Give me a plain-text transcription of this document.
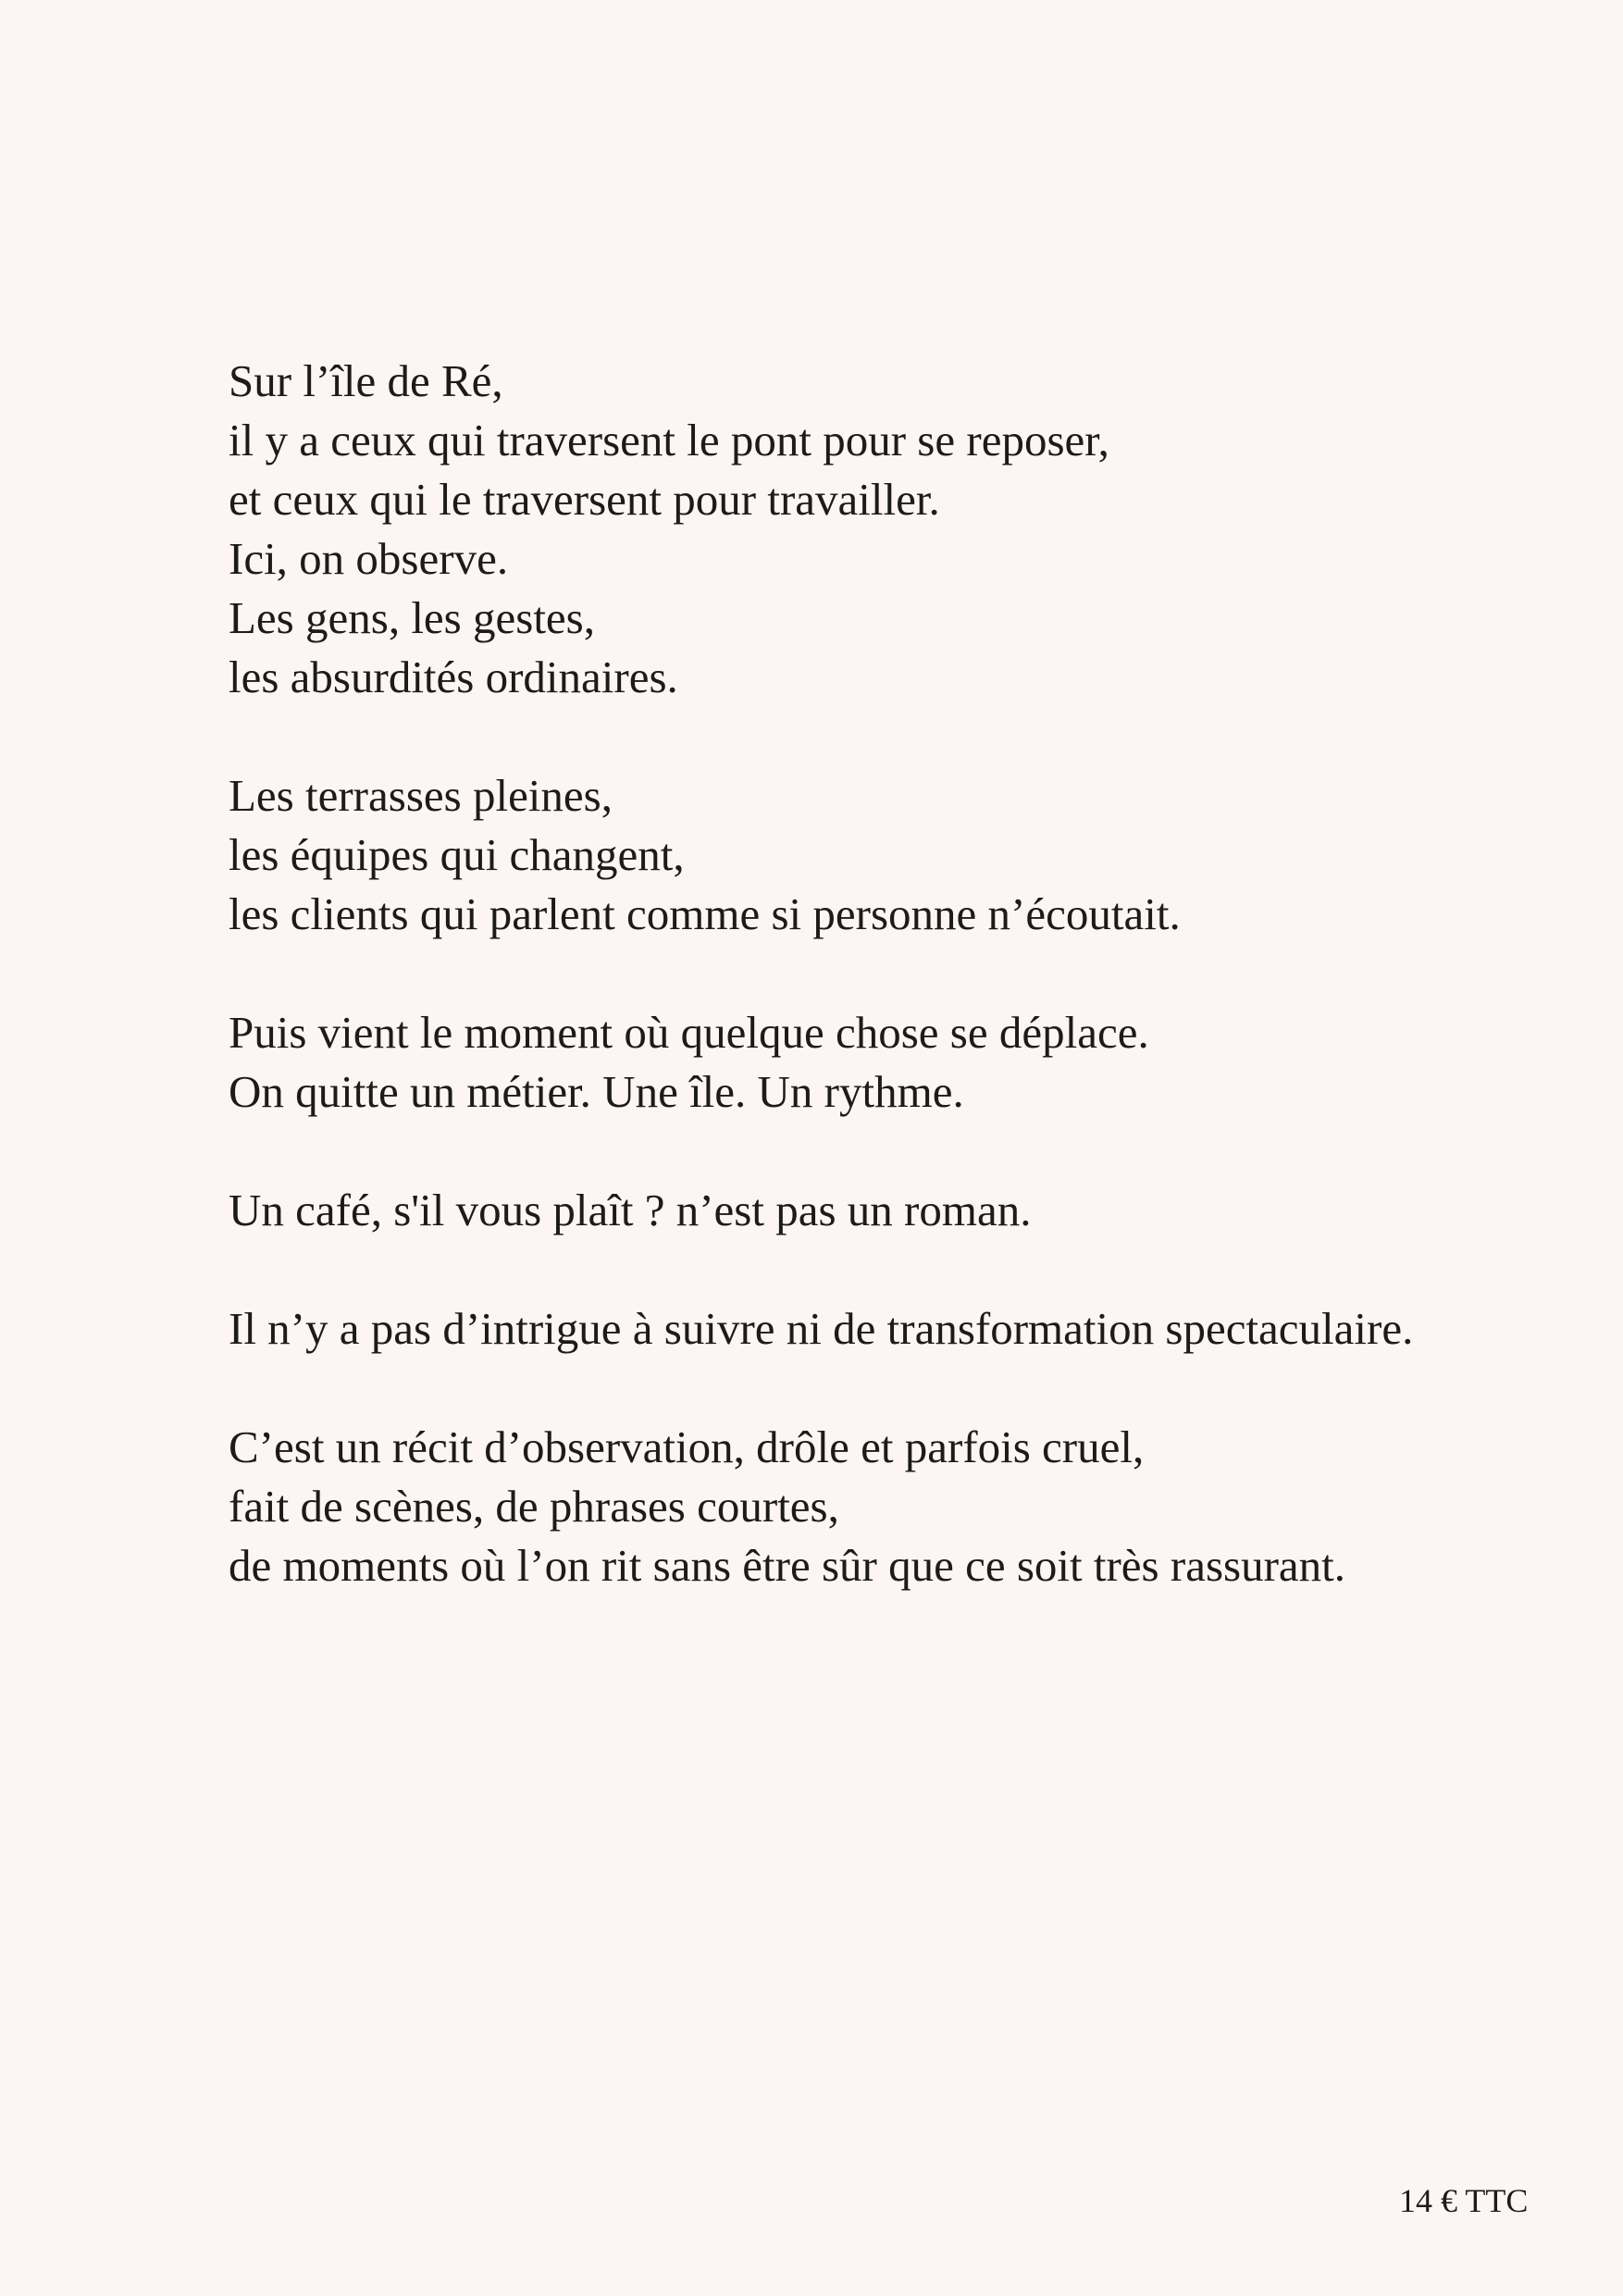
Sur l’île de Ré,
il y a ceux qui traversent le pont pour se reposer,
et ceux qui le traversent pour travailler.
Ici, on observe.
Les gens, les gestes,
les absurdités ordinaires.

Les terrasses pleines,
les équipes qui changent,
les clients qui parlent comme si personne n’écoutait.

Puis vient le moment où quelque chose se déplace.
On quitte un métier. Une île. Un rythme.

Un café, s'il vous plaît ? n’est pas un roman.

Il n’y a pas d’intrigue à suivre ni de transformation spectaculaire.

C’est un récit d’observation, drôle et parfois cruel,
fait de scènes, de phrases courtes,
de moments où l’on rit sans être sûr que ce soit très rassurant.

14 € TTC
